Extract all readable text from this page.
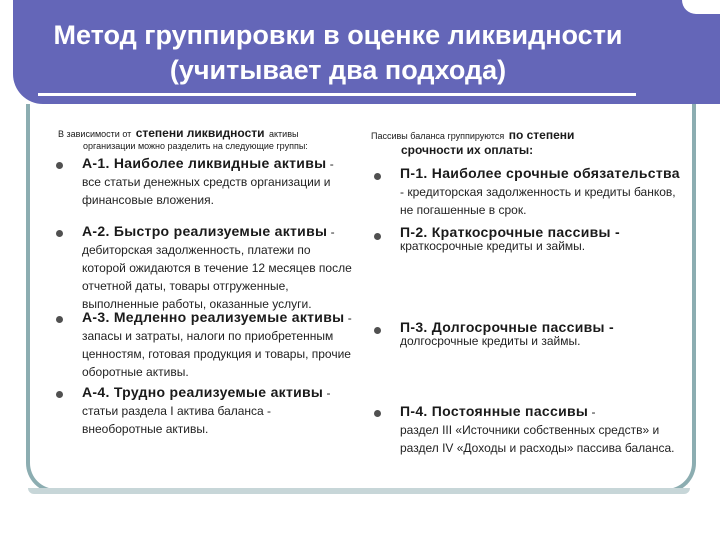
Метод группировки в оценке ликвидности
(учитывает два подхода)
В зависимости от степени ликвидности активы
организации можно разделить на следующие группы:
А-1. Наиболее ликвидные активы - все статьи денежных средств организации и финансовые вложения.
А-2. Быстро реализуемые активы - дебиторская задолженность, платежи по которой ожидаются в течение 12 месяцев после отчетной даты, товары отгруженные, выполненные работы, оказанные услуги.
А-3. Медленно реализуемые активы - запасы и затраты, налоги по приобретенным ценностям, готовая продукция и товары, прочие оборотные активы.
А-4. Трудно реализуемые активы - статьи раздела I актива баланса - внеоборотные активы.
Пассивы баланса группируются по степени
срочности их оплаты:
П-1. Наиболее срочные обязательства - кредиторская задолженность и кредиты банков, не погашенные в срок.
П-2. Краткосрочные пассивы -
краткосрочные кредиты и займы.
П-3. Долгосрочные пассивы -
долгосрочные кредиты и займы.
П-4. Постоянные пассивы -
раздел III «Источники собственных средств» и раздел IV «Доходы и расходы» пассива баланса.
